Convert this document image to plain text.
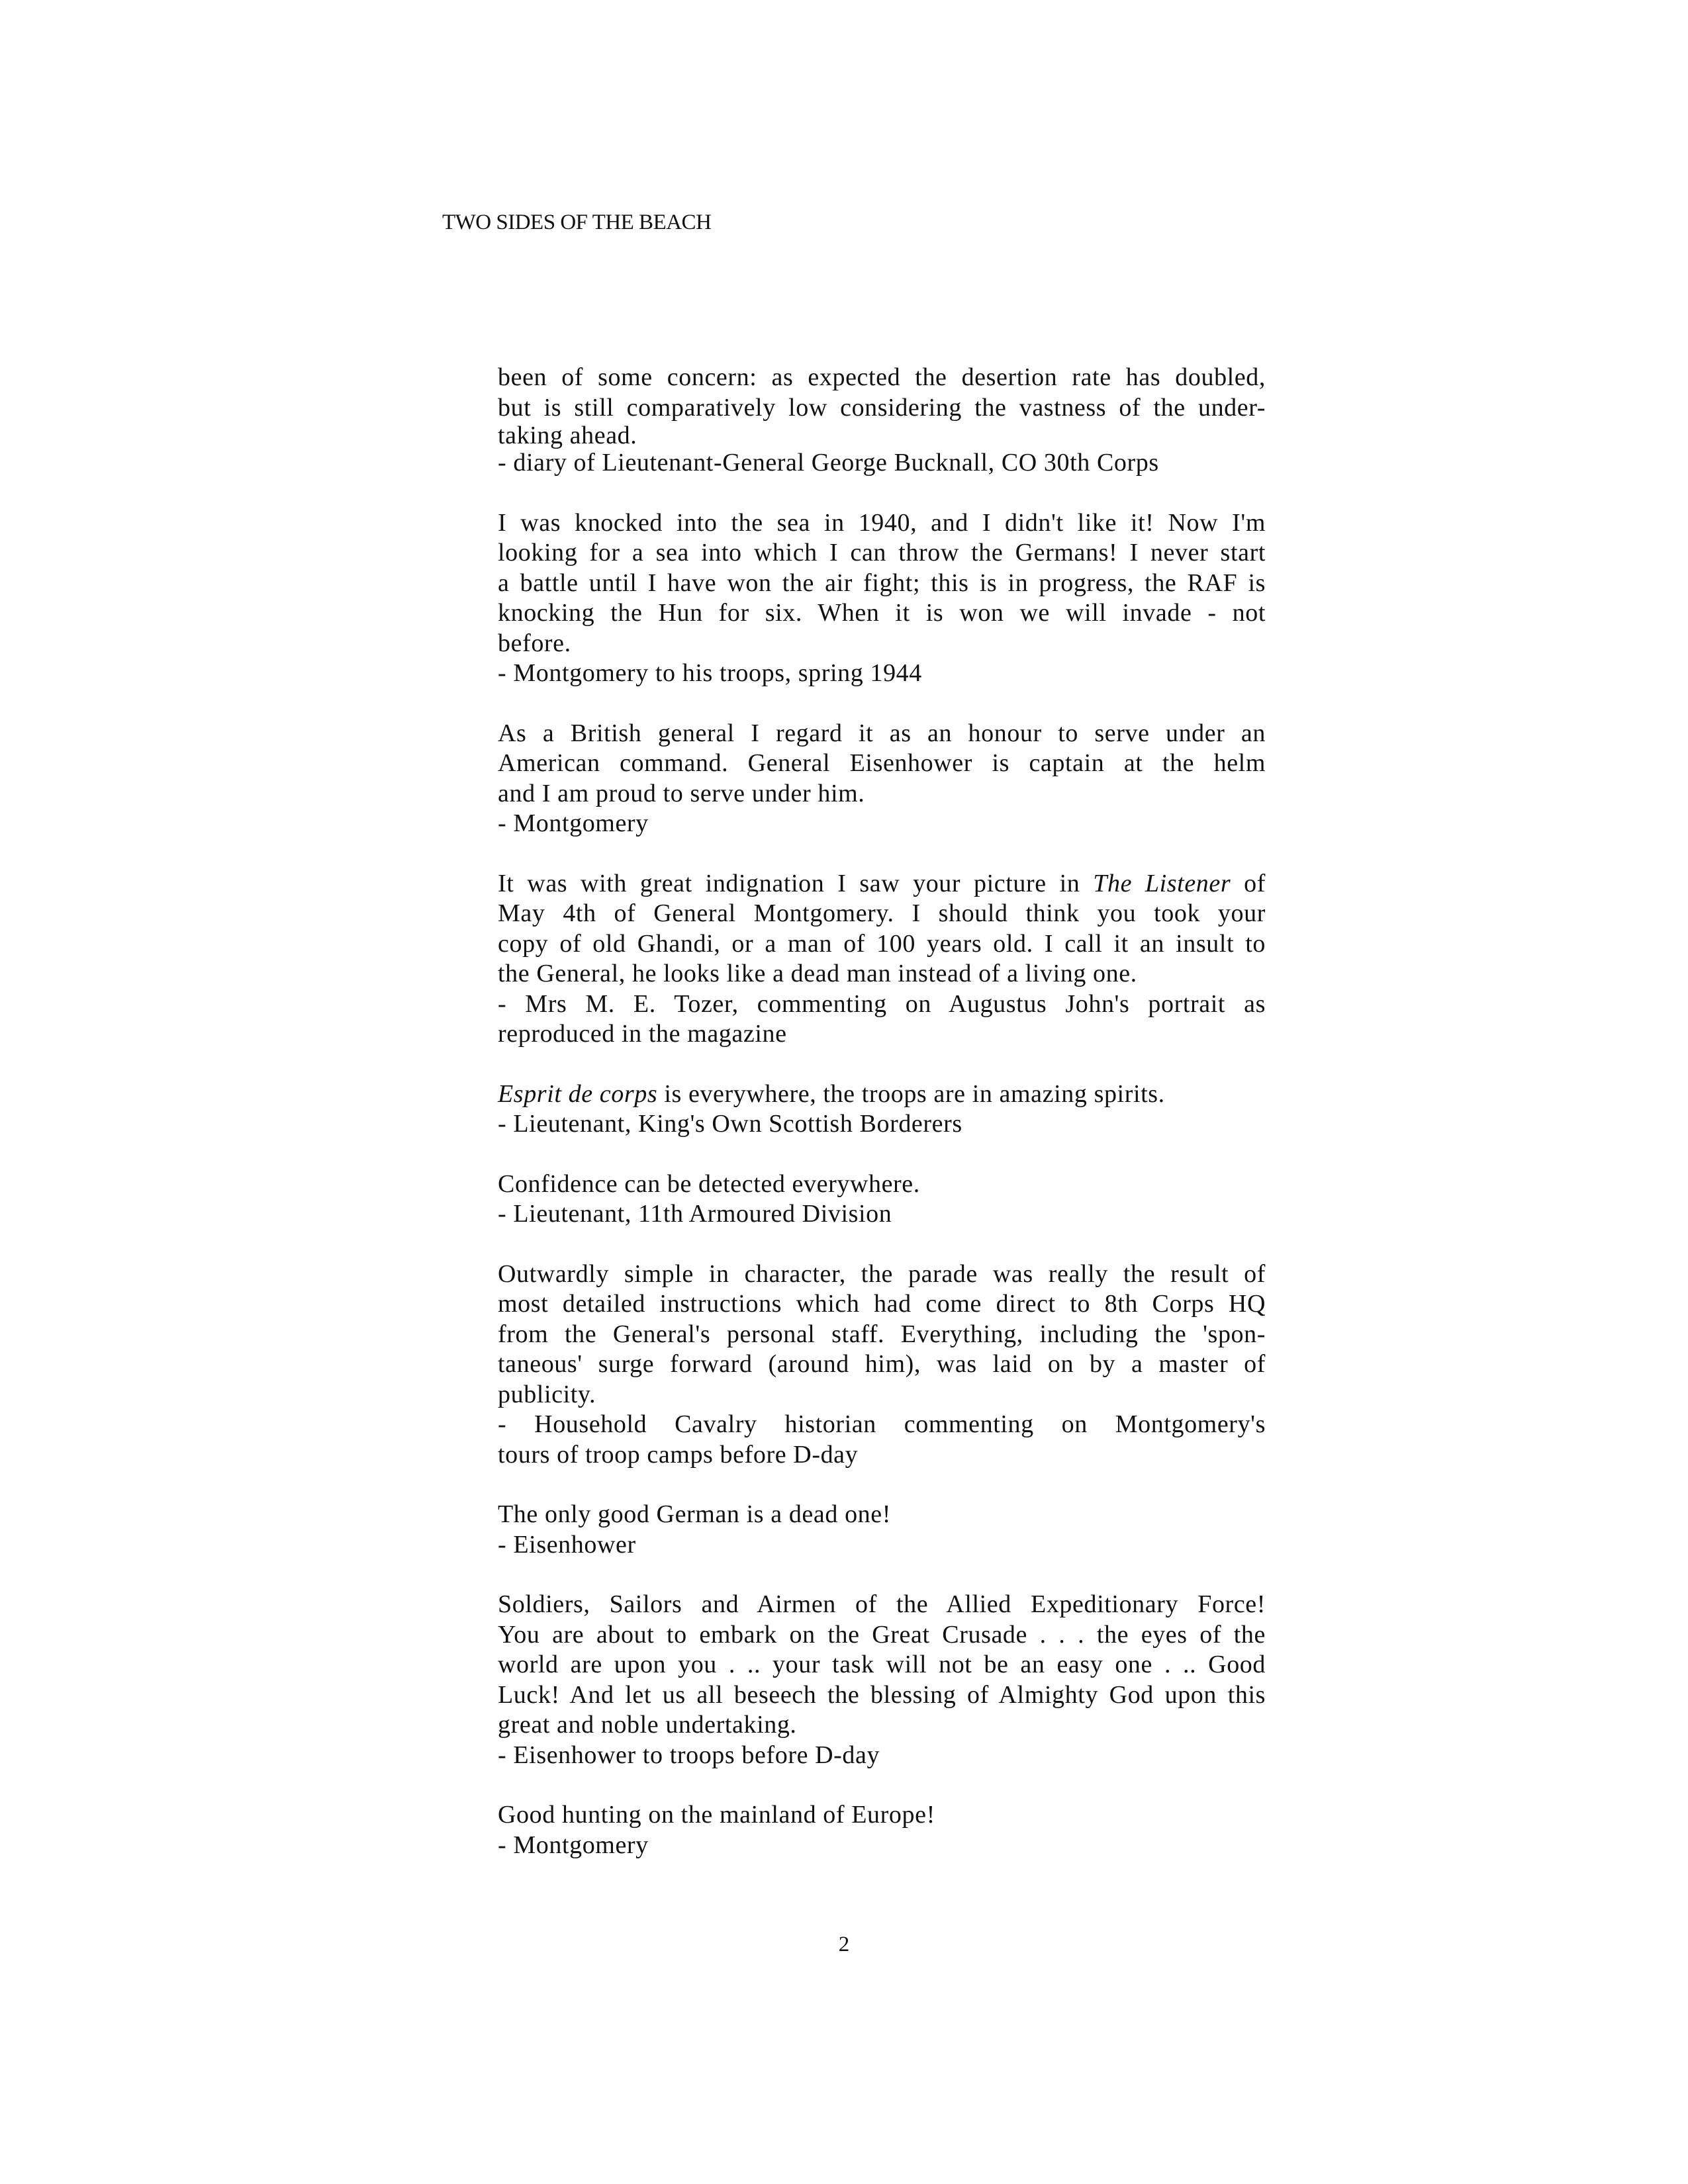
TWO SIDES OF THE BEACH
been of some concern: as expected the desertion rate has doubled,
but is still comparatively low considering the vastness of the under-
taking ahead.
- diary of Lieutenant-General George Bucknall, CO 30th Corps
I was knocked into the sea in 1940, and I didn't like it! Now I'm
looking for a sea into which I can throw the Germans! I never start
a battle until I have won the air fight; this is in progress, the RAF is
knocking the Hun for six. When it is won we will invade - not
before.
- Montgomery to his troops, spring 1944
As a British general I regard it as an honour to serve under an
American command. General Eisenhower is captain at the helm
and I am proud to serve under him.
- Montgomery
It was with great indignation I saw your picture in The Listener of
May 4th of General Montgomery. I should think you took your
copy of old Ghandi, or a man of 100 years old. I call it an insult to
the General, he looks like a dead man instead of a living one.
- Mrs M. E. Tozer, commenting on Augustus John's portrait as
reproduced in the magazine
Esprit de corps is everywhere, the troops are in amazing spirits.
- Lieutenant, King's Own Scottish Borderers
Confidence can be detected everywhere.
- Lieutenant, 11th Armoured Division
Outwardly simple in character, the parade was really the result of
most detailed instructions which had come direct to 8th Corps HQ
from the General's personal staff. Everything, including the 'spon-
taneous' surge forward (around him), was laid on by a master of
publicity.
- Household Cavalry historian commenting on Montgomery's
tours of troop camps before D-day
The only good German is a dead one!
- Eisenhower
Soldiers, Sailors and Airmen of the Allied Expeditionary Force!
You are about to embark on the Great Crusade . . . the eyes of the
world are upon you . .. your task will not be an easy one . .. Good
Luck! And let us all beseech the blessing of Almighty God upon this
great and noble undertaking.
- Eisenhower to troops before D-day
Good hunting on the mainland of Europe!
- Montgomery
2
